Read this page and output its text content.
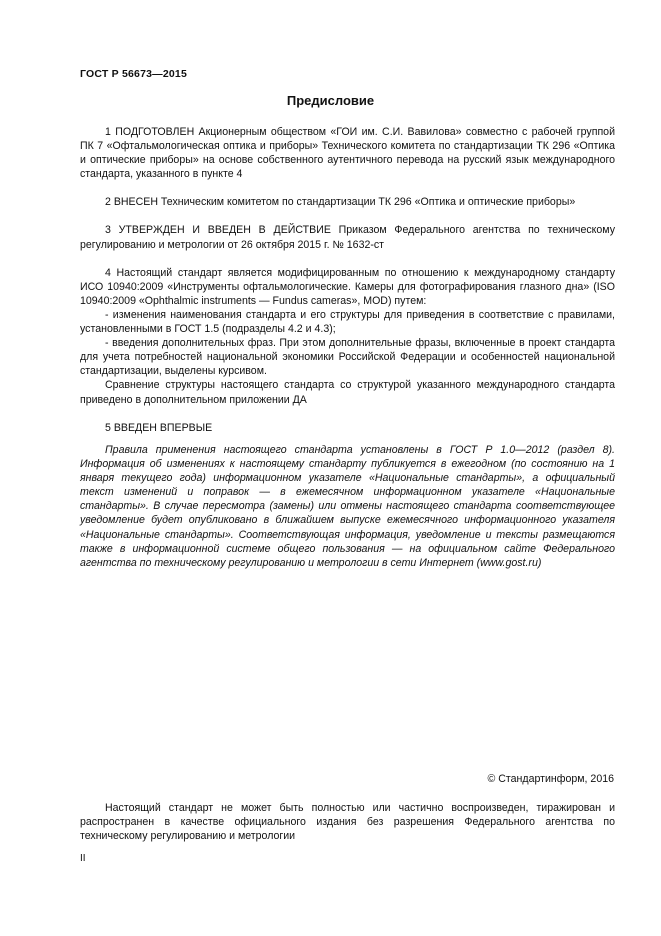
ГОСТ Р 56673—2015
Предисловие

1 ПОДГОТОВЛЕН Акционерным обществом «ГОИ им. С.И. Вавилова» совместно с рабочей группой ПК 7 «Офтальмологическая оптика и приборы» Технического комитета по стандартизации ТК 296 «Оптика и оптические приборы» на основе собственного аутентичного перевода на русский язык международного стандарта, указанного в пункте 4

2 ВНЕСЕН Техническим комитетом по стандартизации ТК 296 «Оптика и оптические приборы»

3 УТВЕРЖДЕН И ВВЕДЕН В ДЕЙСТВИЕ Приказом Федерального агентства по техническому регулированию и метрологии от 26 октября 2015 г. № 1632-ст

4 Настоящий стандарт является модифицированным по отношению к международному стандарту ИСО 10940:2009 «Инструменты офтальмологические. Камеры для фотографирования глазного дна» (ISO 10940:2009 «Ophthalmic instruments — Fundus cameras», MOD) путем:

- изменения наименования стандарта и его структуры для приведения в соответствие с правилами, установленными в ГОСТ 1.5 (подразделы 4.2 и 4.3);

- введения дополнительных фраз. При этом дополнительные фразы, включенные в проект стандарта для учета потребностей национальной экономики Российской Федерации и особенностей национальной стандартизации, выделены курсивом.

Сравнение структуры настоящего стандарта со структурой указанного международного стандарта приведено в дополнительном приложении ДА

5 ВВЕДЕН ВПЕРВЫЕ

Правила применения настоящего стандарта установлены в ГОСТ Р 1.0—2012 (раздел 8). Информация об изменениях к настоящему стандарту публикуется в ежегодном (по состоянию на 1 января текущего года) информационном указателе «Национальные стандарты», а официальный текст изменений и поправок — в ежемесячном информационном указателе «Национальные стандарты». В случае пересмотра (замены) или отмены настоящего стандарта соответствующее уведомление будет опубликовано в ближайшем выпуске ежемесячного информационного указателя «Национальные стандарты». Соответствующая информация, уведомление и тексты размещаются также в информационной системе общего пользования — на официальном сайте Федерального агентства по техническому регулированию и метрологии в сети Интернет (www.gost.ru)
© Стандартинформ, 2016
Настоящий стандарт не может быть полностью или частично воспроизведен, тиражирован и распространен в качестве официального издания без разрешения Федерального агентства по техническому регулированию и метрологии
II
